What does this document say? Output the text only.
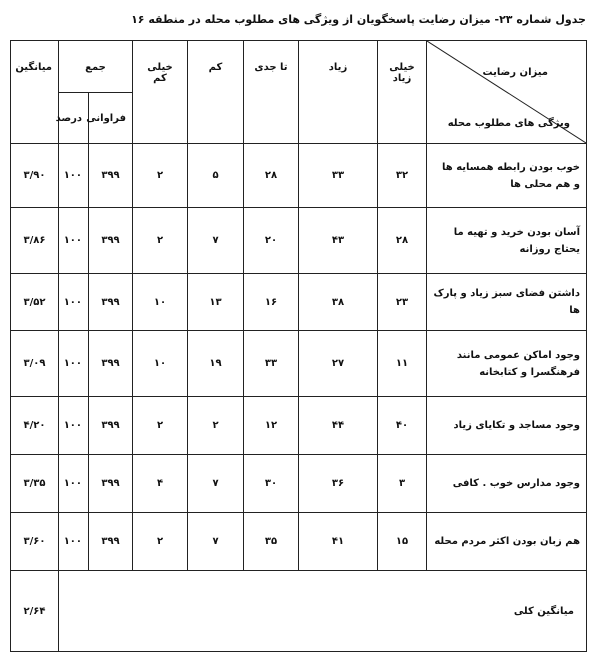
جدول شماره ۲۳- میزان رضایت پاسخگویان از ویژگی های مطلوب محله در منطقه ۱۶
میزان رضایت
ویژگی های مطلوب محله	خیلی زیاد	زیاد	تا جدی	کم	خیلی کم	جمع		میانگین
						فراوانی	درصد	
خوب بودن رابطه همسایه ها و هم محلی ها	۳۲	۳۳	۲۸	۵	۲	۳۹۹	۱۰۰	۳/۹۰
آسان بودن خرید و تهیه ما یحتاج روزانه	۲۸	۴۳	۲۰	۷	۲	۳۹۹	۱۰۰	۳/۸۶
داشتن فضای سبز زیاد و پارک ها	۲۳	۳۸	۱۶	۱۳	۱۰	۳۹۹	۱۰۰	۳/۵۲
وجود اماکن عمومی مانند فرهنگسرا و کتابخانه	۱۱	۲۷	۳۳	۱۹	۱۰	۳۹۹	۱۰۰	۳/۰۹
وجود مساجد و تکایای زیاد	۴۰	۴۴	۱۲	۲	۲	۳۹۹	۱۰۰	۴/۲۰
وجود مدارس خوب . کافی	۳	۳۶	۳۰	۷	۴	۳۹۹	۱۰۰	۳/۳۵
هم زبان بودن اکثر مردم محله	۱۵	۴۱	۳۵	۷	۲	۳۹۹	۱۰۰	۳/۶۰
میانگین کلی								۲/۶۴
